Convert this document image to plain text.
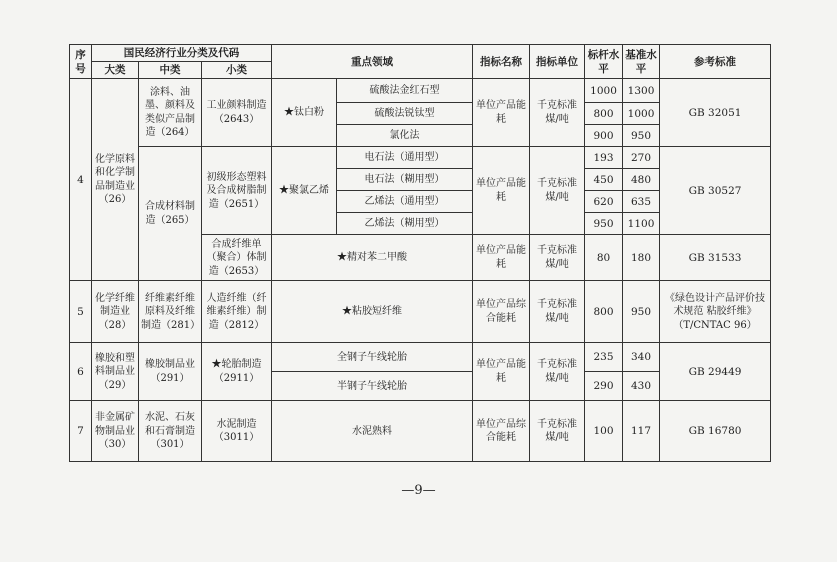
序号	国民经济行业分类及代码			重点领域		指标名称	指标单位	标杆水平	基准水平	参考标准
	大类	中类	小类							
4	化学原料和化学制品制造业（26）	涂料、油墨、颜料及类似产品制造（264）	工业颜料制造（2643）	★钛白粉	硫酸法金红石型	单位产品能耗	千克标准煤/吨	1000	1300	GB 32051
					硫酸法锐钛型			800	1000	
					氯化法			900	950	
		合成材料制造（265）	初级形态塑料及合成树脂制造（2651）	★聚氯乙烯	电石法（通用型）	单位产品能耗	千克标准煤/吨	193	270	GB 30527
					电石法（糊用型）			450	480	
					乙烯法（通用型）			620	635	
					乙烯法（糊用型）			950	1100	
			合成纤维单（聚合）体制造（2653）	★精对苯二甲酸		单位产品能耗	千克标准煤/吨	80	180	GB 31533
5	化学纤维制造业（28）	纤维素纤维原料及纤维制造（281）	人造纤维（纤维素纤维）制造（2812）	★粘胶短纤维		单位产品综合能耗	千克标准煤/吨	800	950	《绿色设计产品评价技术规范 粘胶纤维》（T/CNTAC 96）
6	橡胶和塑料制品业（29）	橡胶制品业（291）	★轮胎制造（2911）	全钢子午线轮胎		单位产品能耗	千克标准煤/吨	235	340	GB 29449
				半钢子午线轮胎				290	430	
7	非金属矿物制品业（30）	水泥、石灰和石膏制造（301）	水泥制造（3011）	水泥熟料		单位产品综合能耗	千克标准煤/吨	100	117	GB 16780
—9—
